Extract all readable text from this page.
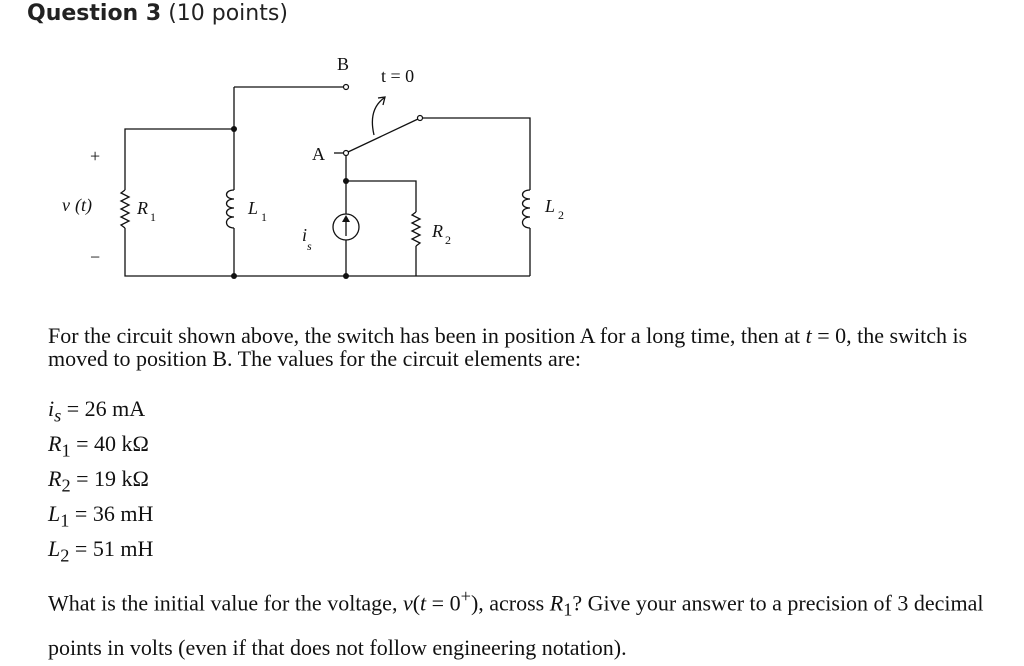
Question 3 (10 points)
+
−
v (t)
B
A
t = 0
R 1	L 1
i
s
R 2
L 2
For the circuit shown above, the switch has been in position A for a long time, then at t = 0, the switch is moved to position B. The values for the circuit elements are:
$i_s = 26$ mA
$R_1 = 40$ kΩ
$R_2 = 19$ kΩ
$L_1 = 36$ mH
$L_2 = 51$ mH
What is the initial value for the voltage, v(t = 0+), across $R_1$? Give your answer to a precision of 3 decimal points in volts (even if that does not follow engineering notation).
